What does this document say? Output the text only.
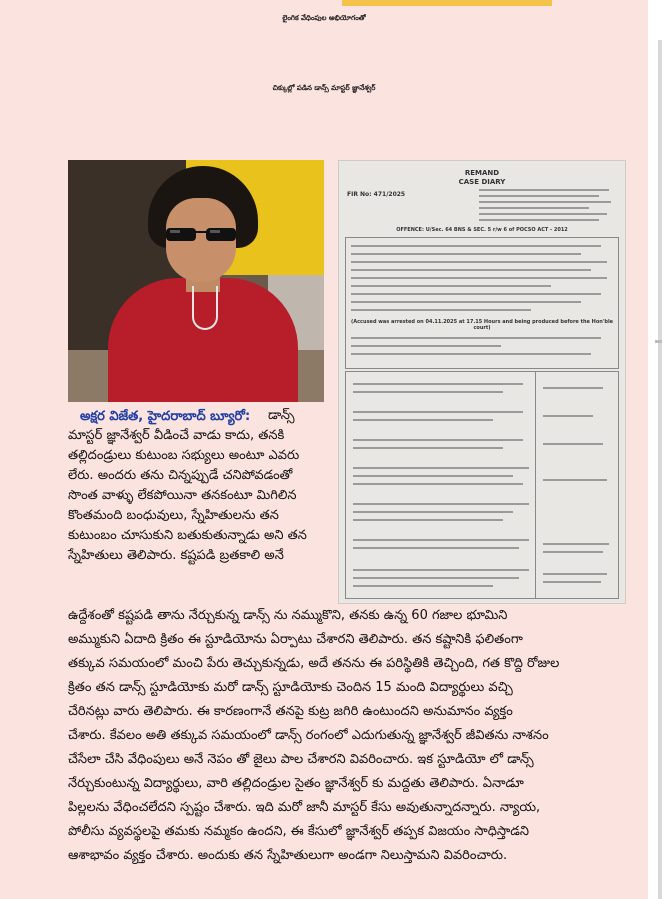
లైంగిక వేధింపుల అభియోగంతో
చిక్కుల్లో పడిన డాన్స్ మాస్టర్ జ్ఞానేశ్వర్
REMAND
CASE DIARY
FIR No: 471/2025
OFFENCE: U/Sec. 64 BNS & SEC. 5 r/w 6 of POCSO ACT - 2012
(Accused was arrested on 04.11.2025 at 17.15 Hours and being produced before the Hon'ble court)
అక్షర విజేత, హైదరాబాద్ బ్యూరో: డాన్స్
మాస్టర్ జ్ఞానేశ్వర్ వీడించే వాడు కాదు, తనకి
తల్లిదండ్రులు కుటుంబ సభ్యులు అంటూ ఎవరు
లేరు. అందరు తను చిన్నప్పుడే చనిపోవడంతో
సొంత వాళ్ళు లేకపోయినా తనకంటూ మిగిలిన
కొంతమంది బంధువులు, స్నేహితులను తన
కుటుంబం చూసుకుని బతుకుతున్నాడు అని తన
స్నేహితులు తెలిపారు. కష్టపడి బ్రతకాలి అనే
ఉద్దేశంతో కష్టపడి తాను నేర్చుకున్న డాన్స్ ను నమ్ముకొని, తనకు ఉన్న 60 గజాల భూమిని
అమ్ముకుని ఏదాది క్రితం ఈ స్టూడియోను ఏర్పాటు చేశారని తెలిపారు. తన కష్టానికి ఫలితంగా
తక్కువ సమయంలో మంచి పేరు తెచ్చుకున్నడు, అదే తనను ఈ పరిస్థితికి తెచ్చింది, గత కొద్ది రోజుల
క్రితం తన డాన్స్ స్టూడియోకు మరో డాన్స్ స్టూడియోకు చెందిన 15 మంది విద్యార్థులు వచ్చి
చేరినట్లు వారు తెలిపారు. ఈ కారణంగానే తనపై కుట్ర జగిరి ఉంటుందని అనుమానం వ్యక్తం
చేశారు. కేవలం అతి తక్కువ సమయంలో డాన్స్ రంగంలో ఎదుగుతున్న జ్ఞానేశ్వర్ జీవితను నాశనం
చేసేలా చేసి వేధింపులు అనే నెపం తో జైలు పాల చేశారని వివరించారు. ఇక స్టూడియో లో డాన్స్
నేర్చుకుంటున్న విద్యార్థులు, వారి తల్లిదండ్రుల సైతం జ్ఞానేశ్వర్ కు మద్దతు తెలిపారు. ఏనాడూ
పిల్లలను వేధించలేదని స్పష్టం చేశారు. ఇది మరో జానీ మాస్టర్ కేసు అవుతున్నాదన్నారు. న్యాయ,
పోలీసు వ్యవస్థలపై తమకు నమ్మకం ఉందని, ఈ కేసులో జ్ఞానేశ్వర్ తప్పక విజయం సాధిస్తాడని
ఆశాభావం వ్యక్తం చేశారు. అందుకు తన స్నేహితులుగా అండగా నిలుస్తామని వివరించారు.
